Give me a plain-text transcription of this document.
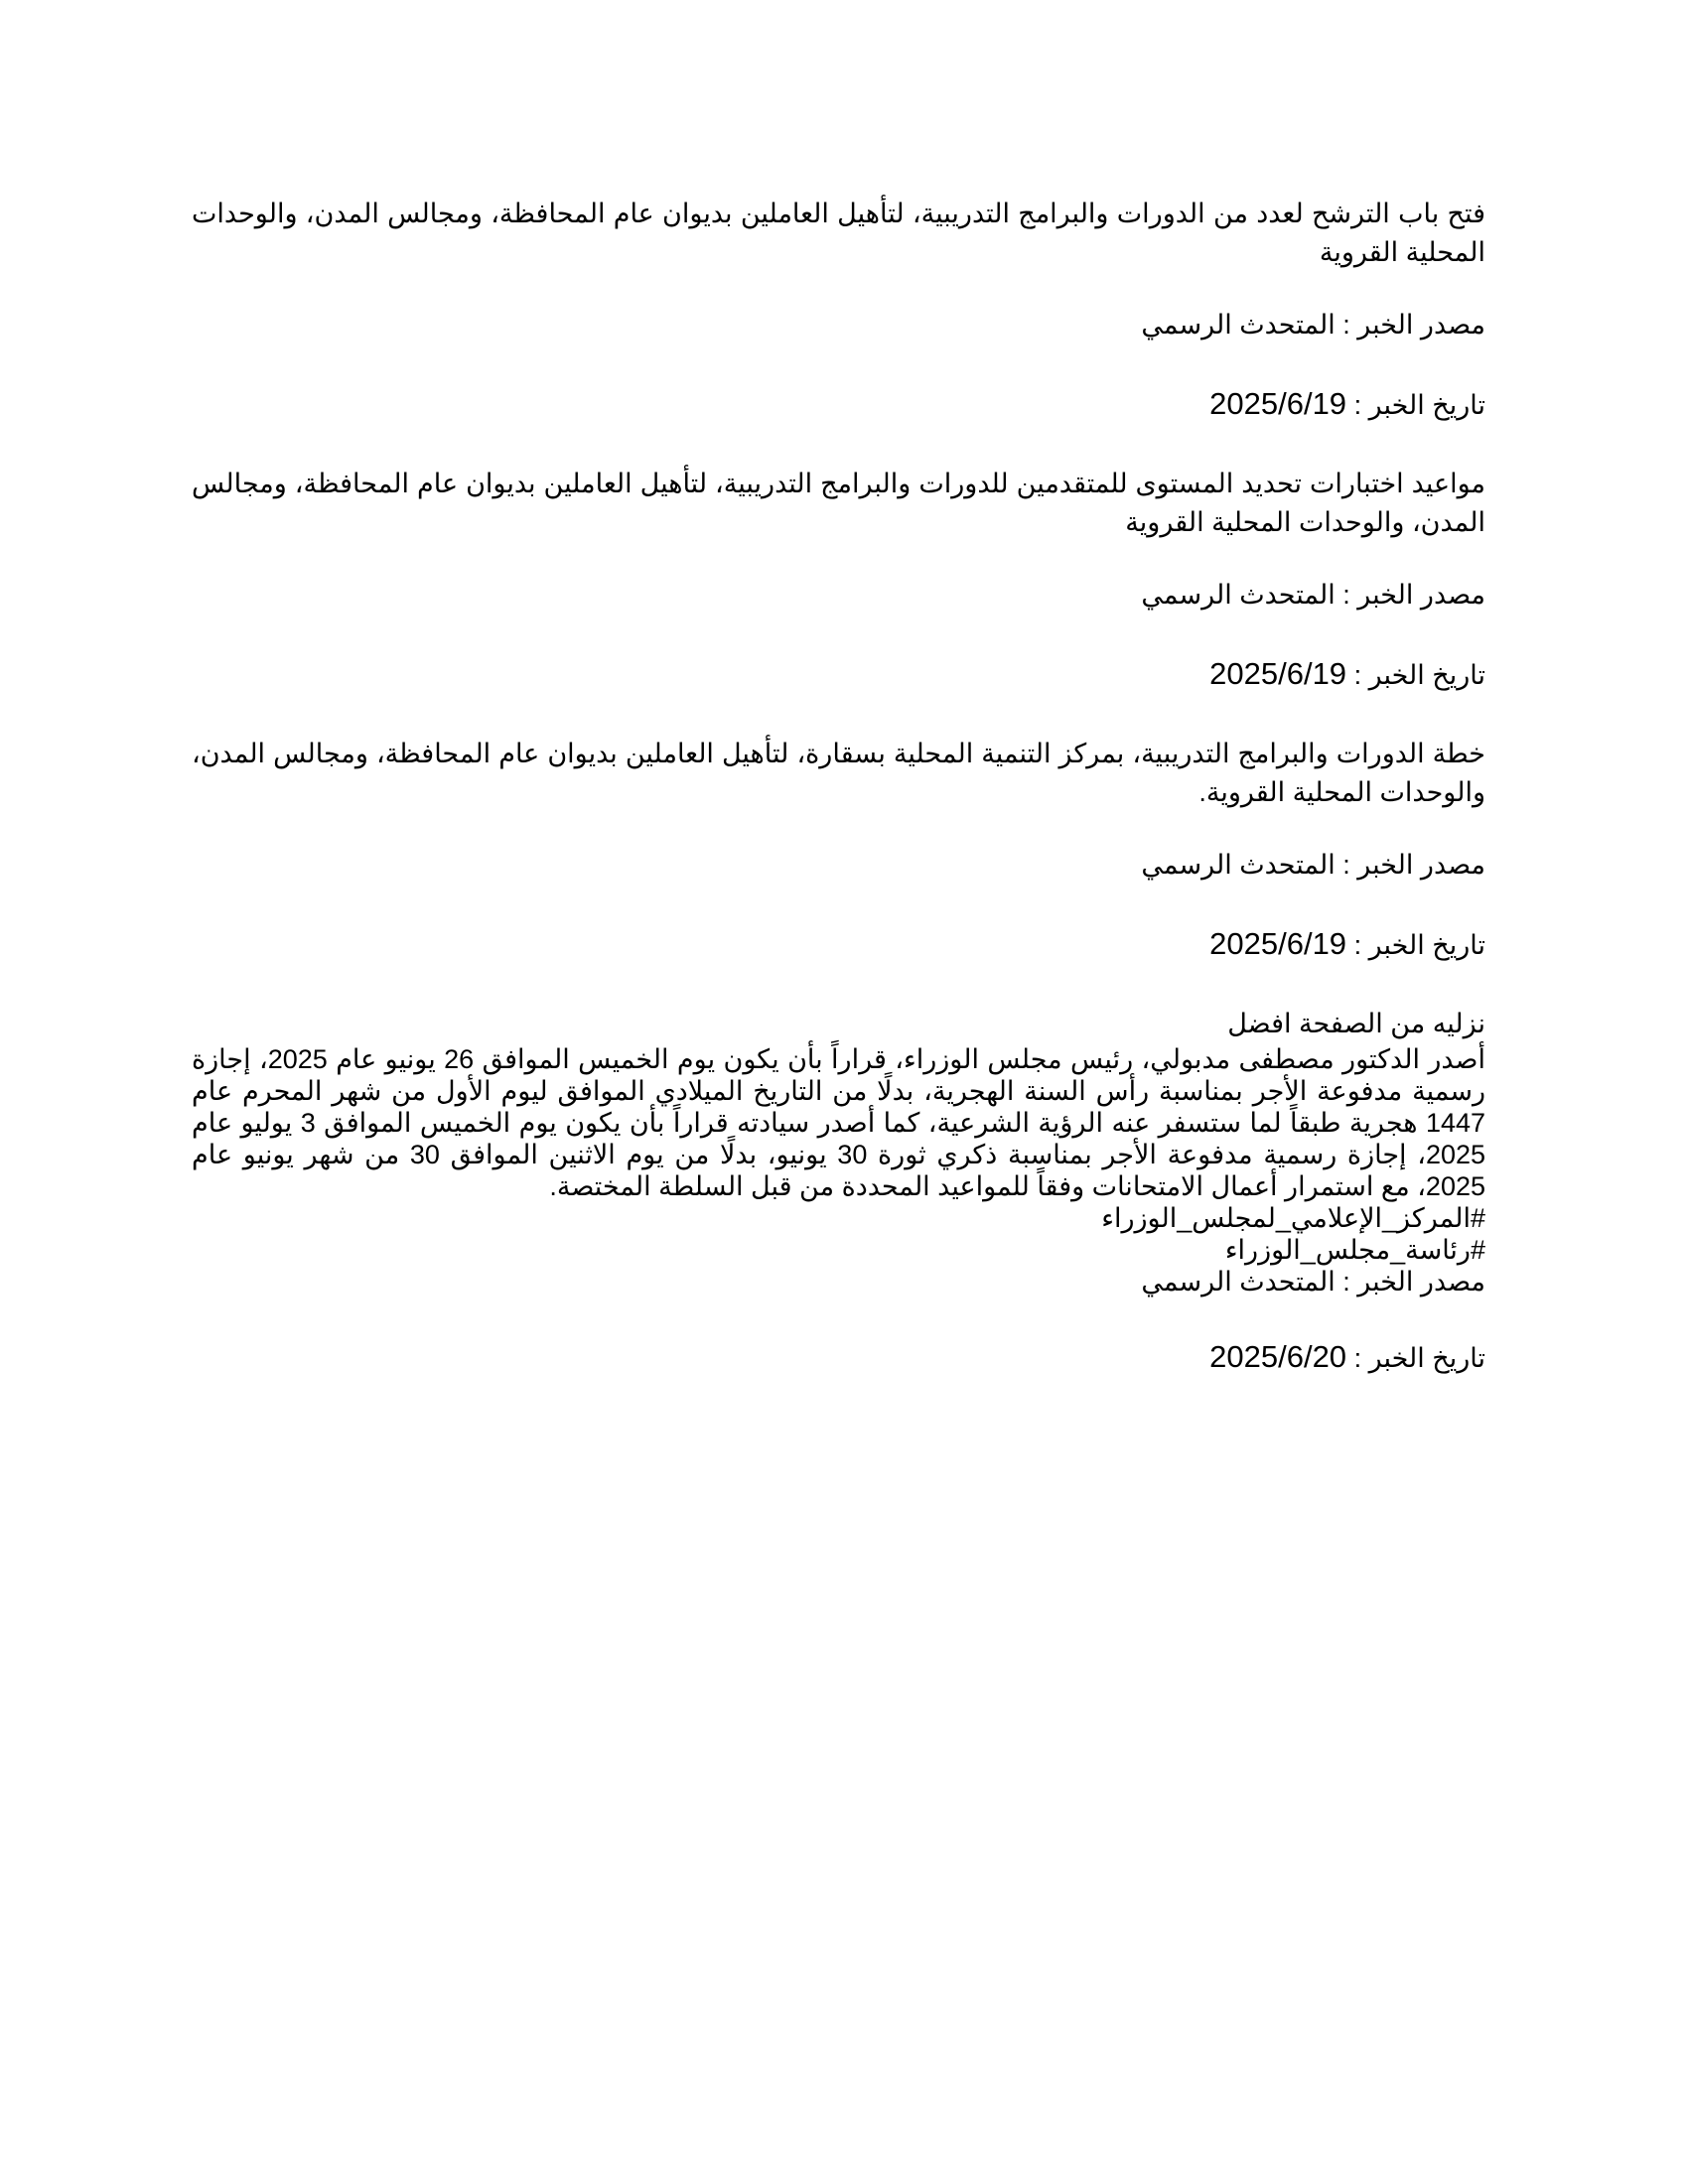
فتح باب الترشح لعدد من الدورات والبرامج التدريبية، لتأهيل العاملين بديوان عام المحافظة، ومجالس المدن، والوحدات المحلية القروية

مصدر الخبر : المتحدث الرسمي

تاريخ الخبر : 2025/6/19

مواعيد اختبارات تحديد المستوى للمتقدمين للدورات والبرامج التدريبية، لتأهيل العاملين بديوان عام المحافظة، ومجالس المدن، والوحدات المحلية القروية

مصدر الخبر : المتحدث الرسمي

تاريخ الخبر : 2025/6/19

خطة الدورات والبرامج التدريبية، بمركز التنمية المحلية بسقارة، لتأهيل العاملين بديوان عام المحافظة، ومجالس المدن، والوحدات المحلية القروية.

مصدر الخبر : المتحدث الرسمي

تاريخ الخبر : 2025/6/19

نزليه من الصفحة افضل

أصدر الدكتور مصطفى مدبولي، رئيس مجلس الوزراء، قراراً بأن يكون يوم الخميس الموافق 26 يونيو عام 2025، إجازة رسمية مدفوعة الأجر بمناسبة رأس السنة الهجرية، بدلًا من التاريخ الميلادي الموافق ليوم الأول من شهر المحرم عام 1447 هجرية طبقاً لما ستسفر عنه الرؤية الشرعية، كما أصدر سيادته قراراً بأن يكون يوم الخميس الموافق 3 يوليو عام 2025، إجازة رسمية مدفوعة الأجر بمناسبة ذكري ثورة 30 يونيو، بدلًا من يوم الاثنين الموافق 30 من شهر يونيو عام 2025، مع استمرار أعمال الامتحانات وفقاً للمواعيد المحددة من قبل السلطة المختصة.

#المركز_الإعلامي_لمجلس_الوزراء

#رئاسة_مجلس_الوزراء

مصدر الخبر : المتحدث الرسمي

تاريخ الخبر : 2025/6/20
